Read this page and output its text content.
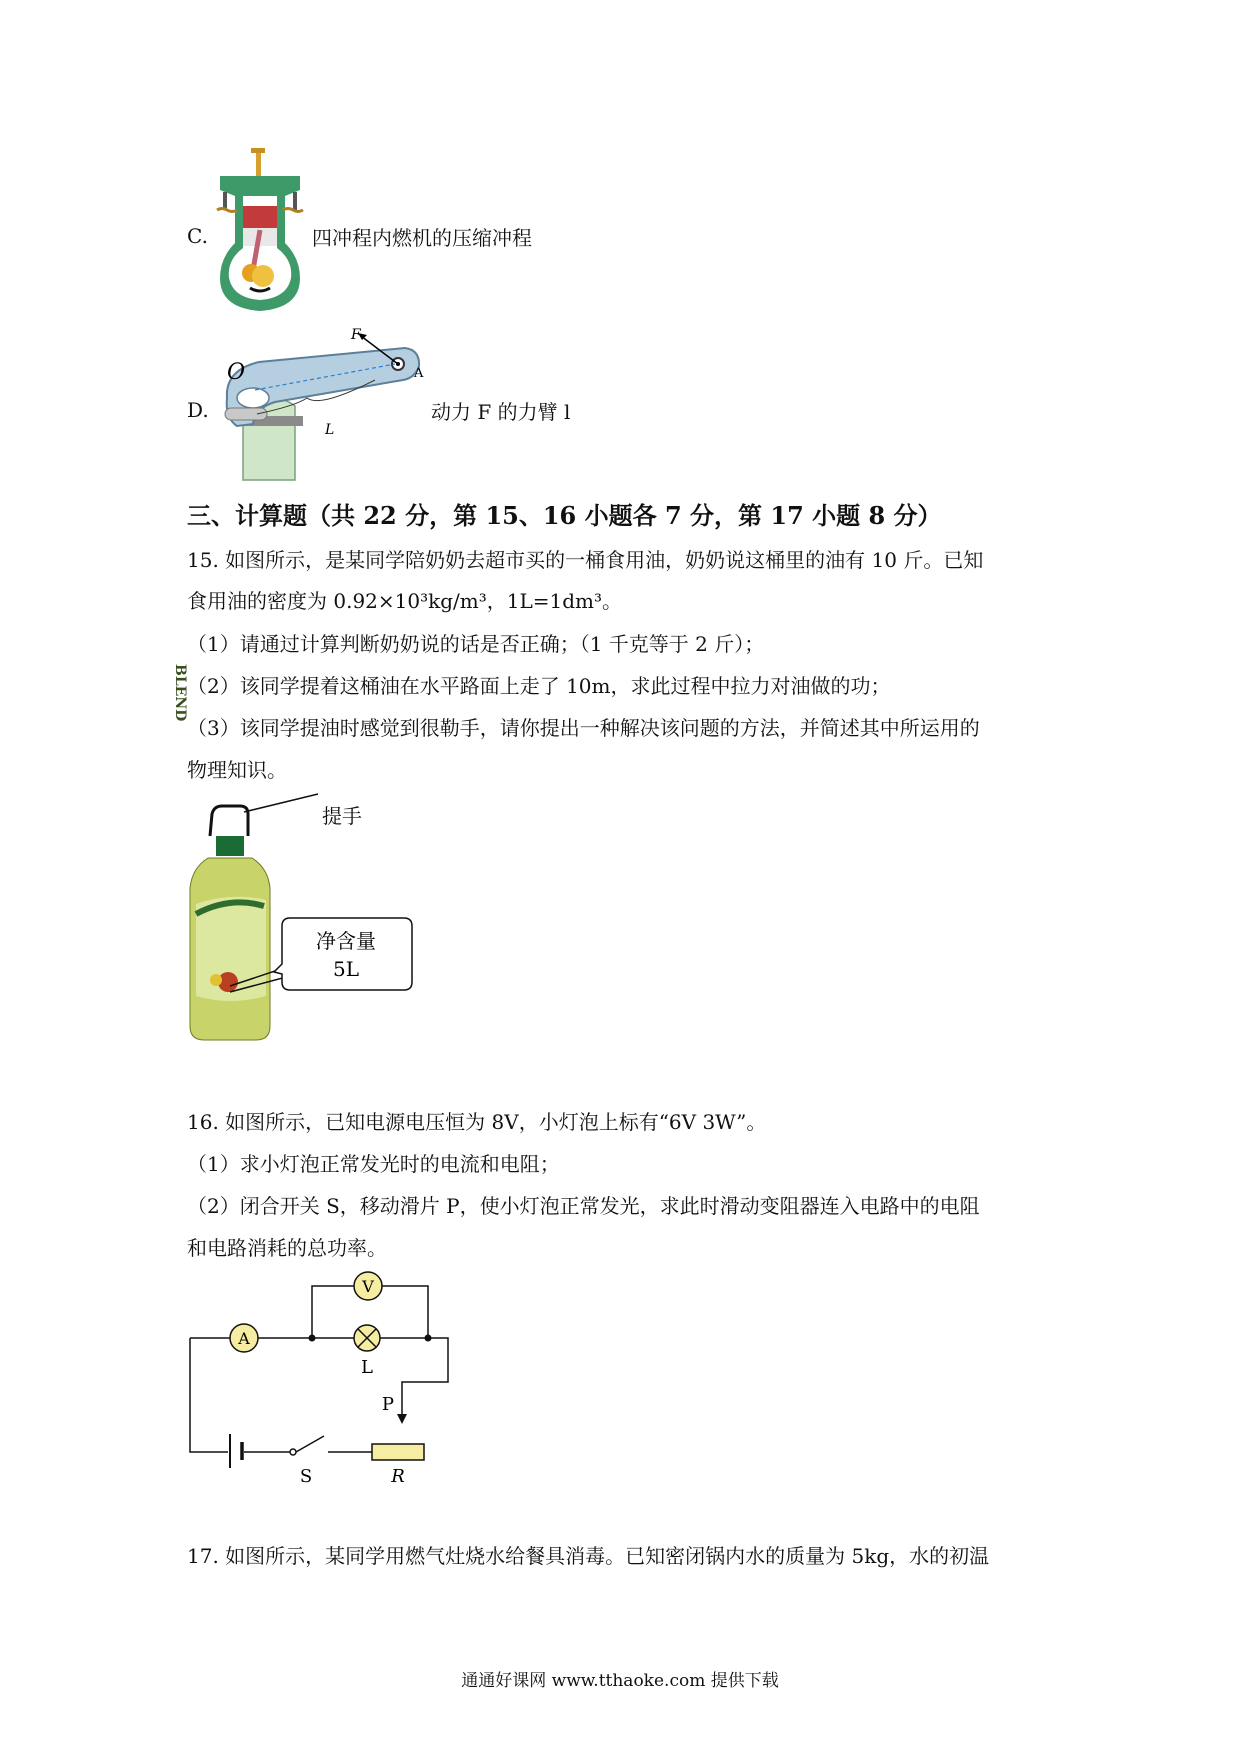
C.	四冲程内燃机的压缩冲程
D.
F
O	A
L
动力 F 的力臂 l
三、计算题（共 22 分，第 15、16 小题各 7 分，第 17 小题 8 分）
15. 如图所示，是某同学陪奶奶去超市买的一桶食用油，奶奶说这桶里的油有 10 斤。已知
食用油的密度为 0.92×10³kg/m³，1L=1dm³。
（1）请通过计算判断奶奶说的话是否正确；（1 千克等于 2 斤）；
（2）该同学提着这桶油在水平路面上走了 10m，求此过程中拉力对油做的功；
（3）该同学提油时感觉到很勒手，请你提出一种解决该问题的方法，并简述其中所运用的
物理知识。
BLEND
净含量
5L
提手
16. 如图所示，已知电源电压恒为 8V，小灯泡上标有“6V 3W”。
（1）求小灯泡正常发光时的电流和电阻；
（2）闭合开关 S，移动滑片 P，使小灯泡正常发光，求此时滑动变阻器连入电路中的电阻
和电路消耗的总功率。
A
V
L
P
S	R
17. 如图所示，某同学用燃气灶烧水给餐具消毒。已知密闭锅内水的质量为 5kg，水的初温
通通好课网 www.tthaoke.com 提供下载
